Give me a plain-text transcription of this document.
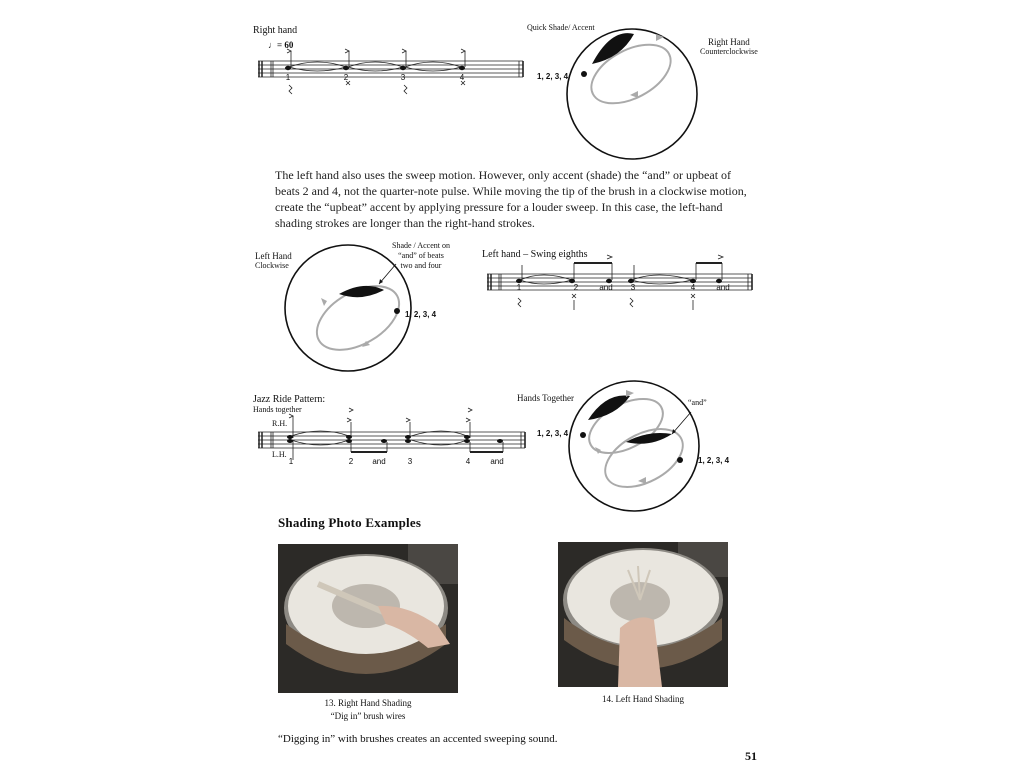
Right hand
♩= 60
1	2	3	4
Quick Shade/ Accent
Right Hand
Counterclockwise
1, 2, 3, 4
The left hand also uses the sweep motion. However, only accent (shade) the “and” or upbeat of beats 2 and 4, not the quarter-note pulse. While moving the tip of the brush in a clockwise motion, create the “upbeat” accent by applying pressure for a louder sweep. In this case, the left-hand shading strokes are longer than the right-hand strokes.
Left Hand
Clockwise
Shade / Accent on
“and” of beats
two and four
1, 2, 3, 4
Left hand – Swing eighths
1	2	and 3	4	and
Jazz Ride Pattern:
Hands together
R.H.
L.H.
1	2 and	3	4	and
Hands Together	“and”
1, 2, 3, 4
1, 2, 3, 4
Shading Photo Examples
13. Right Hand Shading
“Dig in” brush wires
14. Left Hand Shading
“Digging in” with brushes creates an accented sweeping sound.
51
